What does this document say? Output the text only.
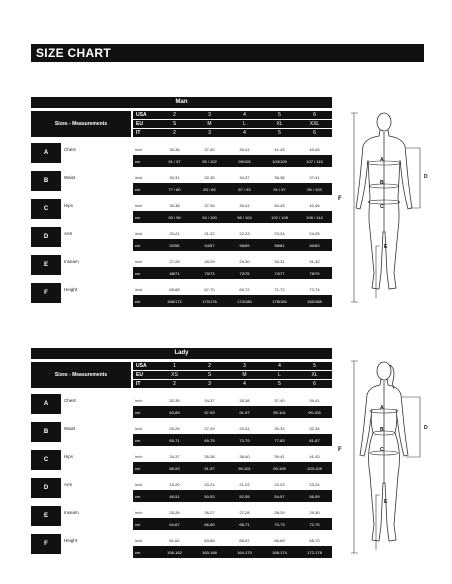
SIZE CHART
Man
Sizes - Measurements		USA	2	3	4	5	6
		EU	S	M	L	XL	XXL
		IT	2	3	4	5	6

A	Chest	inch	35-36	37-40	39-41	41-43	43-45
		cm	91 / 97	95 / 102	99/105	103/109	107 / 115

B	Waist	inch	30-31	32-35	34-37	36-38	37-41
		cm	77 / 80	83 / 89	87 / 93	91 / 97	95 / 103

C	Hips	inch	35-38	37-39	39-41	40-43	42-45
		cm	90 / 96	94 / 100	98 / 104	102 / 108	106 / 114

D	Arm	inch	20-21	21-22	22-23	23-24	24-25
		cm	52/55	54/57	56/59	58/61	60/63

E	Inseam	inch	27-28	28-29	29-30	30-31	31-32
		cm	68/71	70/73	72/75	74/77	76/79

F	Height	inch	65-68	67-70	69-72	71-72	72-74
		cm	166/172	170/176	174/180	178/184	182/188

Lady
Sizes - Measurements		USA	1	2	3	4	5
		EU	XS	S	M	L	XL
		IT	2	3	4	5	6

A	Chest	inch	32-35	34-37	35-38	37-40	39-41
		cm	83-89	87-93	91-97	95-101	99-105

B	Waist	inch	25-28	27-29	29-31	30-33	32-34
		cm	65-71	69-75	73-79	77-83	81-87

C	Hips	inch	34-37	35-38	38-40	39-41	41-43
		cm	85-93	91-97	95-101	99-105	103-109

D	Arm	inch	19-20	20-21	21-22	22-23	23-24
		cm	48-51	50-53	52-55	54-57	56-59

E	Inseam	inch	25-26	26-27	27-28	28-29	29-30
		cm	64-67	66-69	68-71	70-73	72-75

F	Height	inch	61-64	63-66	65-67	66-69	68-70
		cm	156-162	160-166	164-170	168-174	172-178

F
A
B
C
D
E
F
A
B
C
D
E
